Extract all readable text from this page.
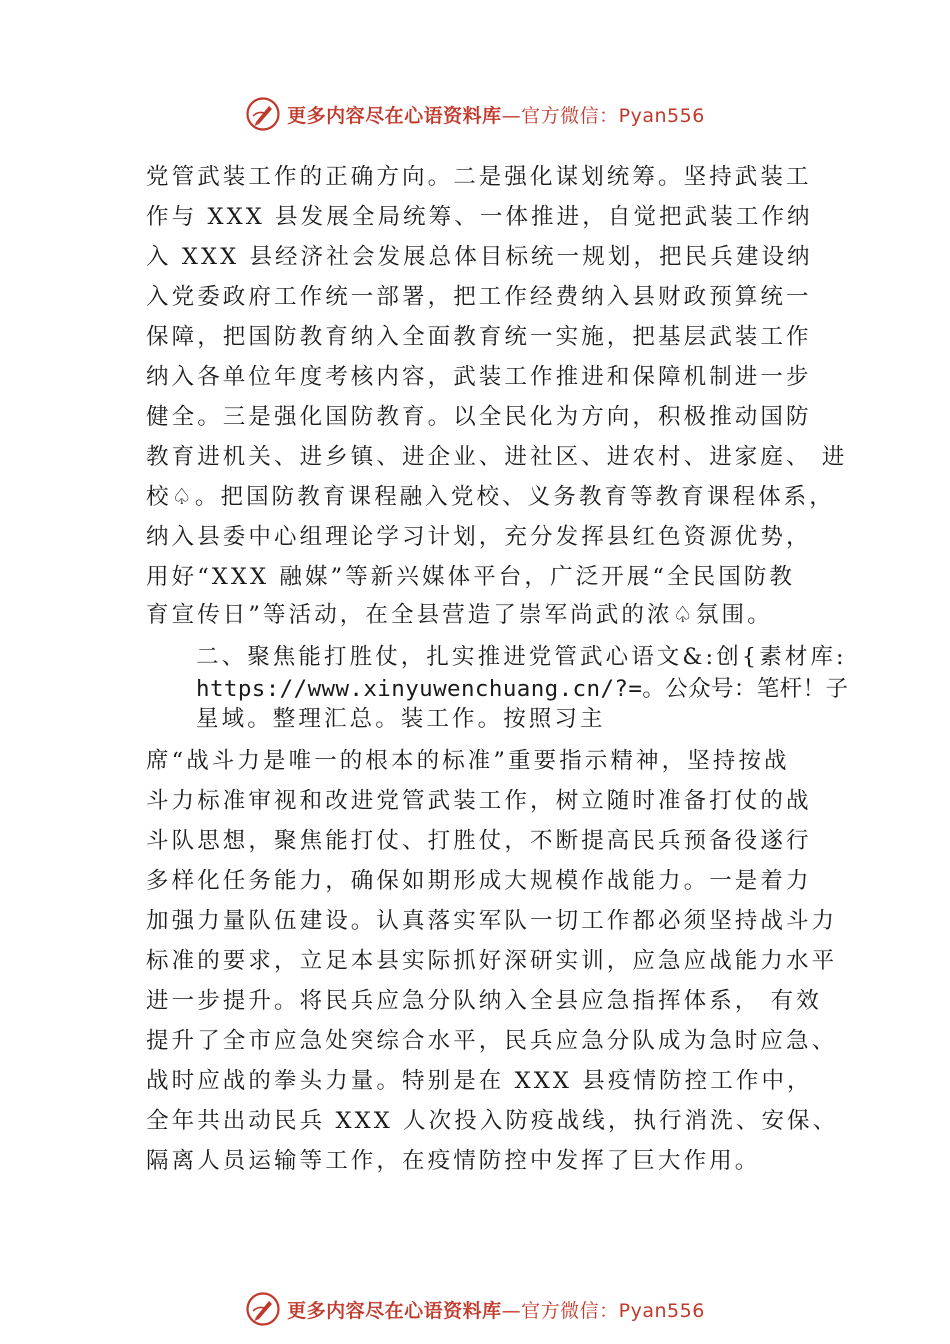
更多内容尽在心语资料库 —官方微信：Pyan556
党管武装工作的正确方向。二是强化谋划统筹。坚持武装工
作与 XXX 县发展全局统筹、一体推进，自觉把武装工作纳
入 XXX 县经济社会发展总体目标统一规划，把民兵建设纳
入党委政府工作统一部署，把工作经费纳入县财政预算统一
保障，把国防教育纳入全面教育统一实施，把基层武装工作
纳入各单位年度考核内容，武装工作推进和保障机制进一步
健全。三是强化国防教育。以全民化为方向，积极推动国防
教育进机关、进乡镇、进企业、进社区、进农村、进家庭、 进
校♤。把国防教育课程融入党校、义务教育等教育课程体系，
纳入县委中心组理论学习计划，充分发挥县红色资源优势，
用好“XXX 融媒”等新兴媒体平台，广泛开展“全民国防教
育宣传日”等活动，在全县营造了崇军尚武的浓♤氛围。
二、聚焦能打胜仗，扎实推进党管武心语文&:创{素材库:
https://www.xinyuwenchuang.cn/?=。公众号：笔杆！子
星域。整理汇总。装工作。按照习主
席“战斗力是唯一的根本的标准”重要指示精神，坚持按战
斗力标准审视和改进党管武装工作，树立随时准备打仗的战
斗队思想，聚焦能打仗、打胜仗，不断提高民兵预备役遂行
多样化任务能力，确保如期形成大规模作战能力。一是着力
加强力量队伍建设。认真落实军队一切工作都必须坚持战斗力
标准的要求，立足本县实际抓好深研实训，应急应战能力水平
进一步提升。将民兵应急分队纳入全县应急指挥体系， 有效
提升了全市应急处突综合水平，民兵应急分队成为急时应急、
战时应战的拳头力量。特别是在 XXX 县疫情防控工作中，
全年共出动民兵 XXX 人次投入防疫战线，执行消洗、安保、
隔离人员运输等工作，在疫情防控中发挥了巨大作用。
更多内容尽在心语资料库 —官方微信：Pyan556
